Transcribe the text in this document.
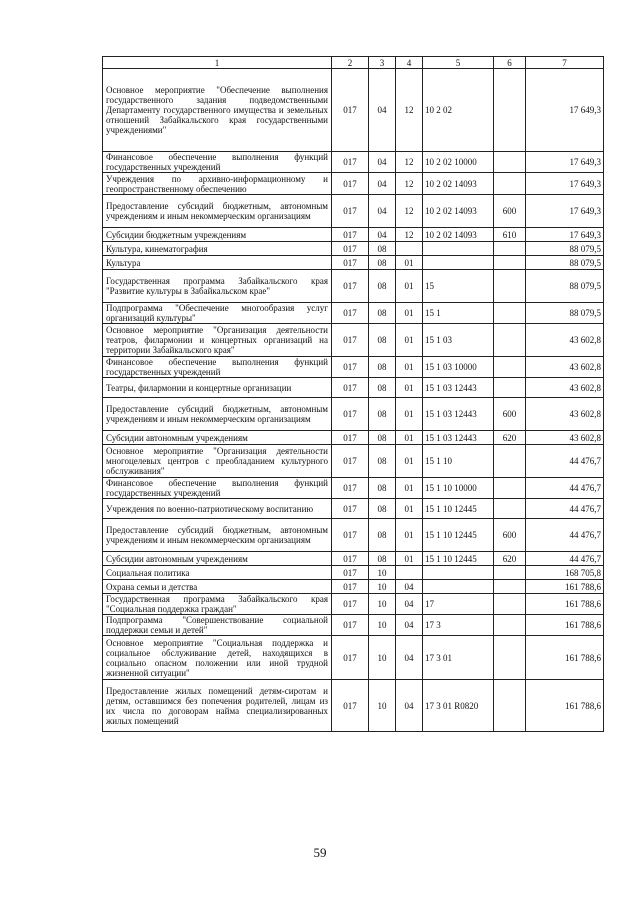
1	2	3	4	5	6	7
Основное мероприятие "Обеспечение выполнения государственного задания подведомственными Департаменту государственного имущества и земельных отношений Забайкальского края государственными учреждениями"	017	04	12	10 2 02		17 649,3
Финансовое обеспечение выполнения функций государственных учреждений	017	04	12	10 2 02 10000		17 649,3
Учреждения по архивно-информационному и геопространственному обеспечению	017	04	12	10 2 02 14093		17 649,3
Предоставление субсидий бюджетным, автономным учреждениям и иным некоммерческим организациям	017	04	12	10 2 02 14093	600	17 649,3
Субсидии бюджетным учреждениям	017	04	12	10 2 02 14093	610	17 649,3
Культура, кинематография	017	08				88 079,5
Культура	017	08	01			88 079,5
Государственная программа Забайкальского края "Развитие культуры в Забайкальском крае"	017	08	01	15		88 079,5
Подпрограмма "Обеспечение многообразия услуг организаций культуры"	017	08	01	15 1		88 079,5
Основное мероприятие "Организация деятельности театров, филармонии и концертных организаций на территории Забайкальского края"	017	08	01	15 1 03		43 602,8
Финансовое обеспечение выполнения функций государственных учреждений	017	08	01	15 1 03 10000		43 602,8
Театры, филармонии и концертные организации	017	08	01	15 1 03 12443		43 602,8
Предоставление субсидий бюджетным, автономным учреждениям и иным некоммерческим организациям	017	08	01	15 1 03 12443	600	43 602,8
Субсидии автономным учреждениям	017	08	01	15 1 03 12443	620	43 602,8
Основное мероприятие "Организация деятельности многоцелевых центров с преобладанием культурного обслуживания"	017	08	01	15 1 10		44 476,7
Финансовое обеспечение выполнения функций государственных учреждений	017	08	01	15 1 10 10000		44 476,7
Учреждения по военно-патриотическому воспитанию	017	08	01	15 1 10 12445		44 476,7
Предоставление субсидий бюджетным, автономным учреждениям и иным некоммерческим организациям	017	08	01	15 1 10 12445	600	44 476,7
Субсидии автономным учреждениям	017	08	01	15 1 10 12445	620	44 476,7
Социальная политика	017	10				168 705,8
Охрана семьи и детства	017	10	04			161 788,6
Государственная программа Забайкальского края "Социальная поддержка граждан"	017	10	04	17		161 788,6
Подпрограмма "Совершенствование социальной поддержки семьи и детей"	017	10	04	17 3		161 788,6
Основное мероприятие "Социальная поддержка и социальное обслуживание детей, находящихся в социально опасном положении или иной трудной жизненной ситуации"	017	10	04	17 3 01		161 788,6
Предоставление жилых помещений детям-сиротам и детям, оставшимся без попечения родителей, лицам из их числа по договорам найма специализированных жилых помещений	017	10	04	17 3 01 R0820		161 788,6
59
